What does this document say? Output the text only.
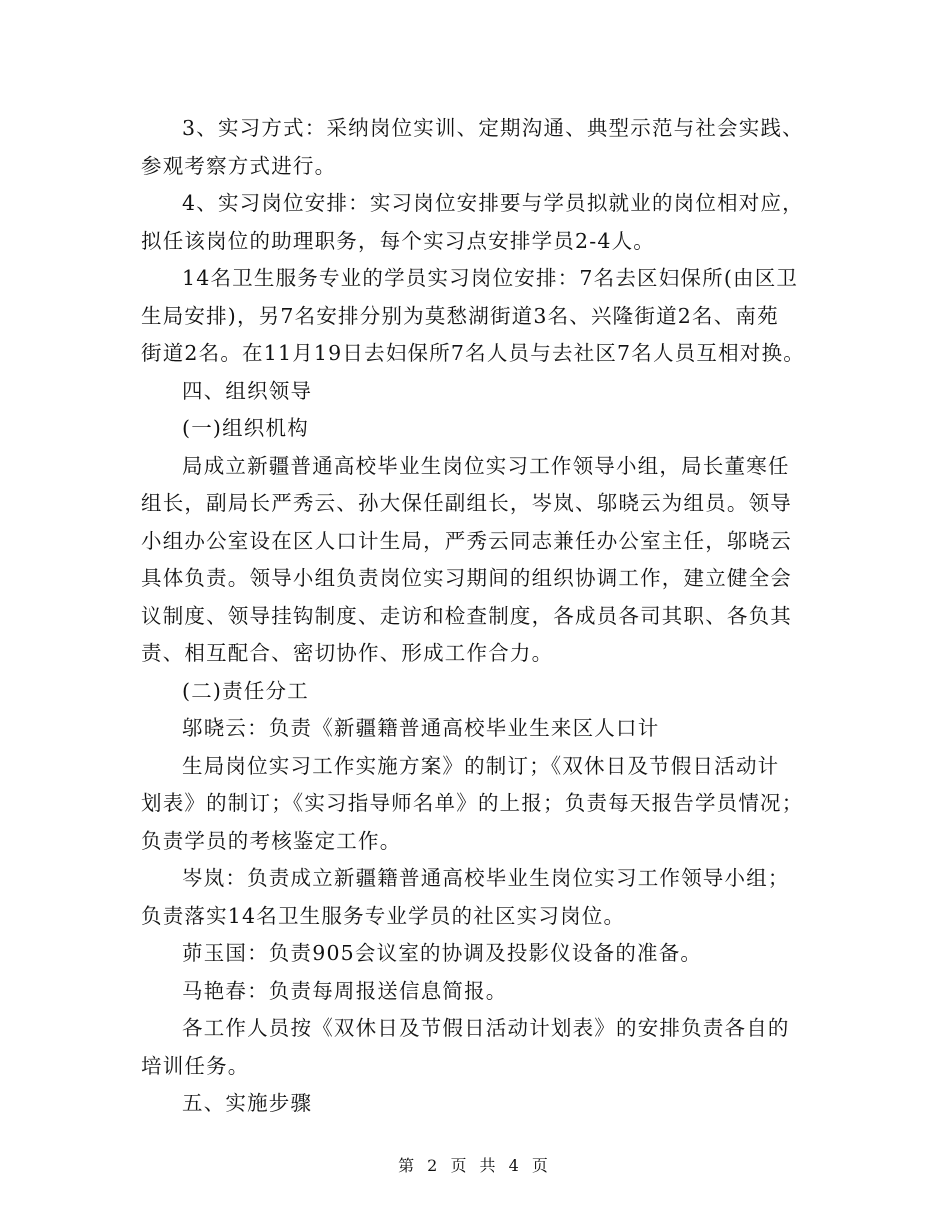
3、实习方式：采纳岗位实训、定期沟通、典型示范与社会实践、
参观考察方式进行。
4、实习岗位安排：实习岗位安排要与学员拟就业的岗位相对应，
拟任该岗位的助理职务，每个实习点安排学员2-4人。
14名卫生服务专业的学员实习岗位安排：7名去区妇保所(由区卫
生局安排)，另7名安排分别为莫愁湖街道3名、兴隆街道2名、南苑
街道2名。在11月19日去妇保所7名人员与去社区7名人员互相对换。
四、组织领导
(一)组织机构
局成立新疆普通高校毕业生岗位实习工作领导小组，局长董寒任
组长，副局长严秀云、孙大保任副组长，岑岚、邬晓云为组员。领导
小组办公室设在区人口计生局，严秀云同志兼任办公室主任，邬晓云
具体负责。领导小组负责岗位实习期间的组织协调工作，建立健全会
议制度、领导挂钩制度、走访和检查制度，各成员各司其职、各负其
责、相互配合、密切协作、形成工作合力。
(二)责任分工
邬晓云：负责《新疆籍普通高校毕业生来区人口计
生局岗位实习工作实施方案》的制订；《双休日及节假日活动计
划表》的制订；《实习指导师名单》的上报；负责每天报告学员情况；
负责学员的考核鉴定工作。
岑岚：负责成立新疆籍普通高校毕业生岗位实习工作领导小组；
负责落实14名卫生服务专业学员的社区实习岗位。
茆玉国：负责905会议室的协调及投影仪设备的准备。
马艳春：负责每周报送信息简报。
各工作人员按《双休日及节假日活动计划表》的安排负责各自的
培训任务。
五、实施步骤
第 2 页 共 4 页
